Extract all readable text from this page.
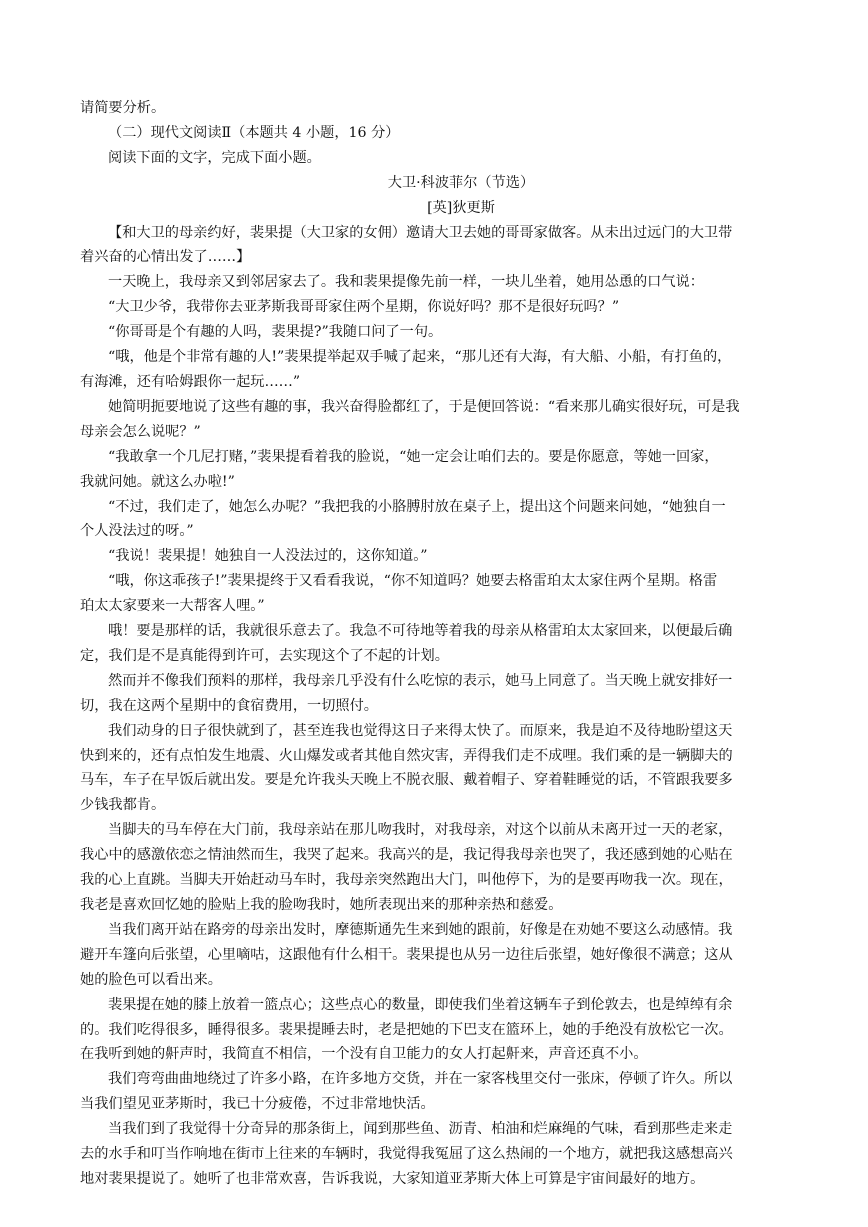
请简要分析。
（二）现代文阅读Ⅱ（本题共 4 小题，16 分）
阅读下面的文字，完成下面小题。
大卫·科波菲尔（节选）
[英]狄更斯
【和大卫的母亲约好，裴果提（大卫家的女佣）邀请大卫去她的哥哥家做客。从未出过远门的大卫带
着兴奋的心情出发了……】
一天晚上，我母亲又到邻居家去了。我和裴果提像先前一样，一块儿坐着，她用怂恿的口气说：
“大卫少爷，我带你去亚茅斯我哥哥家住两个星期，你说好吗？那不是很好玩吗？”
“你哥哥是个有趣的人吗，裴果提?”我随口问了一句。
“哦，他是个非常有趣的人!”裴果提举起双手喊了起来，“那儿还有大海，有大船、小船，有打鱼的，
有海滩，还有哈姆跟你一起玩……”
她简明扼要地说了这些有趣的事，我兴奋得脸都红了，于是便回答说：“看来那儿确实很好玩，可是我
母亲会怎么说呢？”
“我敢拿一个几尼打赌，”裴果提看着我的脸说，“她一定会让咱们去的。要是你愿意，等她一回家，
我就问她。就这么办啦!”
“不过，我们走了，她怎么办呢？”我把我的小胳膊肘放在桌子上，提出这个问题来问她，“她独自一
个人没法过的呀。”
“我说！裴果提！她独自一人没法过的，这你知道。”
“哦，你这乖孩子!”裴果提终于又看看我说，“你不知道吗？她要去格雷珀太太家住两个星期。格雷
珀太太家要来一大帮客人哩。”
哦！要是那样的话，我就很乐意去了。我急不可待地等着我的母亲从格雷珀太太家回来，以便最后确
定，我们是不是真能得到许可，去实现这个了不起的计划。
然而并不像我们预料的那样，我母亲几乎没有什么吃惊的表示，她马上同意了。当天晚上就安排好一
切，我在这两个星期中的食宿费用，一切照付。
我们动身的日子很快就到了，甚至连我也觉得这日子来得太快了。而原来，我是迫不及待地盼望这天
快到来的，还有点怕发生地震、火山爆发或者其他自然灾害，弄得我们走不成哩。我们乘的是一辆脚夫的
马车，车子在早饭后就出发。要是允许我头天晚上不脱衣服、戴着帽子、穿着鞋睡觉的话，不管跟我要多
少钱我都肯。
当脚夫的马车停在大门前，我母亲站在那儿吻我时，对我母亲，对这个以前从未离开过一天的老家，
我心中的感激依恋之情油然而生，我哭了起来。我高兴的是，我记得我母亲也哭了，我还感到她的心贴在
我的心上直跳。当脚夫开始赶动马车时，我母亲突然跑出大门，叫他停下，为的是要再吻我一次。现在，
我老是喜欢回忆她的脸贴上我的脸吻我时，她所表现出来的那种亲热和慈爱。
当我们离开站在路旁的母亲出发时，摩德斯通先生来到她的跟前，好像是在劝她不要这么动感情。我
避开车篷向后张望，心里嘀咕，这跟他有什么相干。裴果提也从另一边往后张望，她好像很不满意；这从
她的脸色可以看出来。
裴果提在她的膝上放着一篮点心；这些点心的数量，即使我们坐着这辆车子到伦敦去，也是绰绰有余
的。我们吃得很多，睡得很多。裴果提睡去时，老是把她的下巴支在篮环上，她的手绝没有放松它一次。
在我听到她的鼾声时，我简直不相信，一个没有自卫能力的女人打起鼾来，声音还真不小。
我们弯弯曲曲地绕过了许多小路，在许多地方交货，并在一家客栈里交付一张床，停顿了许久。所以
当我们望见亚茅斯时，我已十分疲倦，不过非常地快活。
当我们到了我觉得十分奇异的那条街上，闻到那些鱼、沥青、柏油和烂麻绳的气味，看到那些走来走
去的水手和叮当作响地在街市上往来的车辆时，我觉得我冤屈了这么热闹的一个地方，就把我这感想高兴
地对裴果提说了。她听了也非常欢喜，告诉我说，大家知道亚茅斯大体上可算是宇宙间最好的地方。
